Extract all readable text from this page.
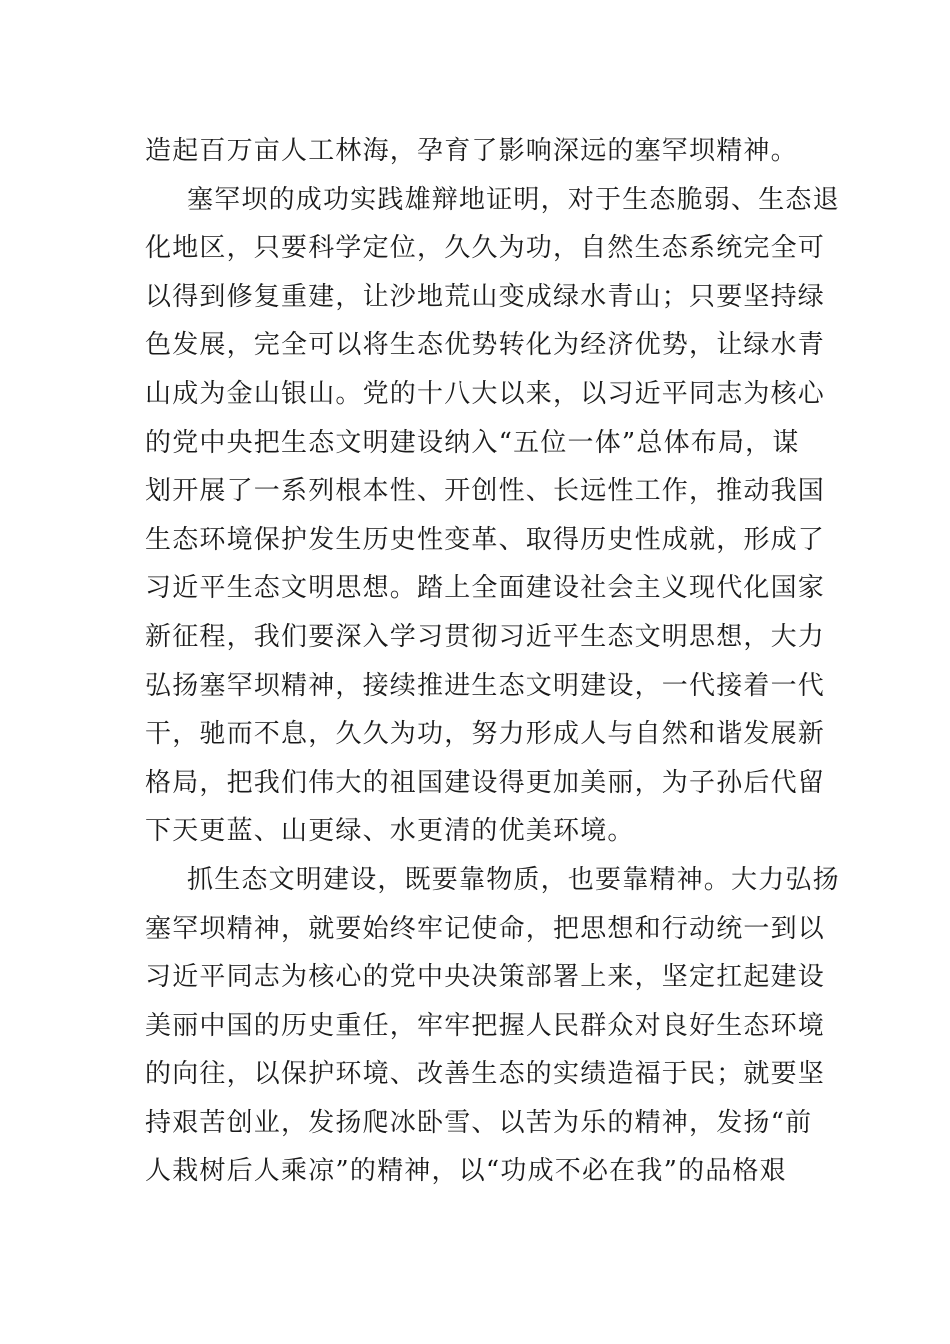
造起百万亩人工林海，孕育了影响深远的塞罕坝精神。
塞罕坝的成功实践雄辩地证明，对于生态脆弱、生态退
化地区，只要科学定位，久久为功，自然生态系统完全可
以得到修复重建，让沙地荒山变成绿水青山；只要坚持绿
色发展，完全可以将生态优势转化为经济优势，让绿水青
山成为金山银山。党的十八大以来，以习近平同志为核心
的党中央把生态文明建设纳入“五位一体”总体布局，谋
划开展了一系列根本性、开创性、长远性工作，推动我国
生态环境保护发生历史性变革、取得历史性成就，形成了
习近平生态文明思想。踏上全面建设社会主义现代化国家
新征程，我们要深入学习贯彻习近平生态文明思想，大力
弘扬塞罕坝精神，接续推进生态文明建设，一代接着一代
干，驰而不息，久久为功，努力形成人与自然和谐发展新
格局，把我们伟大的祖国建设得更加美丽，为子孙后代留
下天更蓝、山更绿、水更清的优美环境。
抓生态文明建设，既要靠物质，也要靠精神。大力弘扬
塞罕坝精神，就要始终牢记使命，把思想和行动统一到以
习近平同志为核心的党中央决策部署上来，坚定扛起建设
美丽中国的历史重任，牢牢把握人民群众对良好生态环境
的向往，以保护环境、改善生态的实绩造福于民；就要坚
持艰苦创业，发扬爬冰卧雪、以苦为乐的精神，发扬“前
人栽树后人乘凉”的精神，以“功成不必在我”的品格艰
